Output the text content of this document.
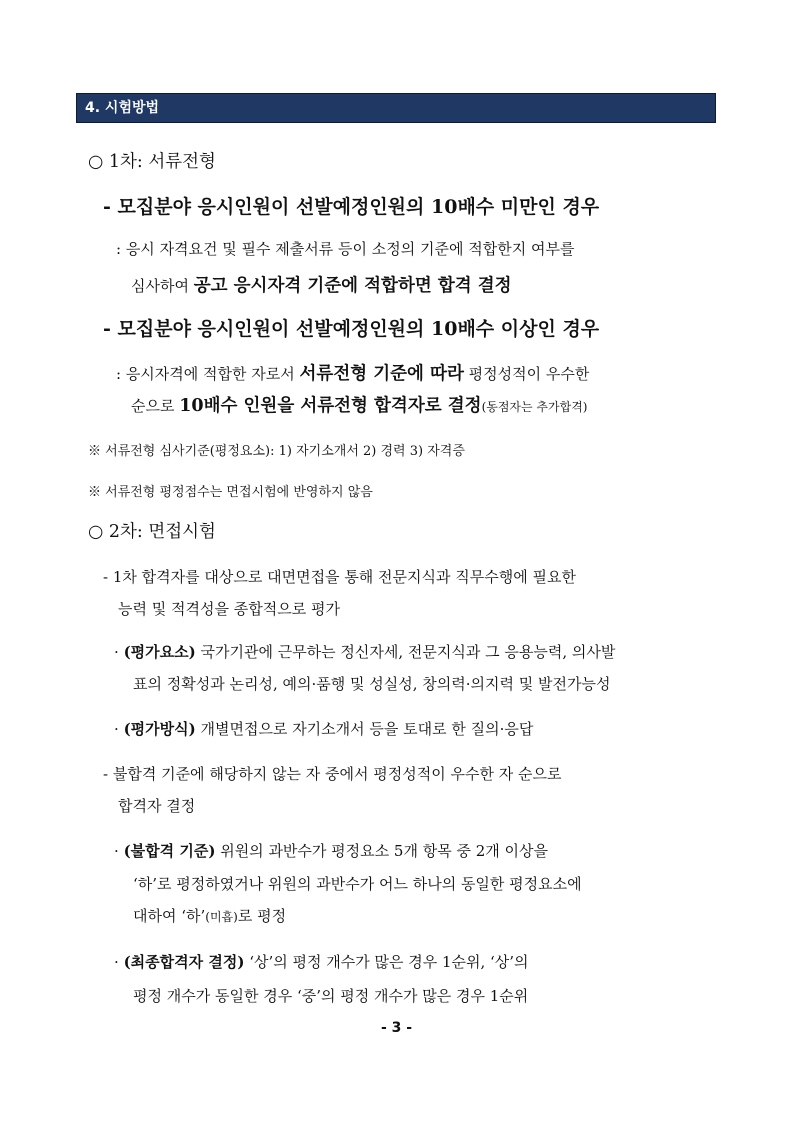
4. 시험방법
○ 1차: 서류전형
- 모집분야 응시인원이 선발예정인원의 10배수 미만인 경우
: 응시 자격요건 및 필수 제출서류 등이 소정의 기준에 적합한지 여부를
심사하여 공고 응시자격 기준에 적합하면 합격 결정
- 모집분야 응시인원이 선발예정인원의 10배수 이상인 경우
: 응시자격에 적합한 자로서 서류전형 기준에 따라 평정성적이 우수한
순으로 10배수 인원을 서류전형 합격자로 결정(동점자는 추가합격)
※ 서류전형 심사기준(평정요소): 1) 자기소개서 2) 경력 3) 자격증
※ 서류전형 평정점수는 면접시험에 반영하지 않음
○ 2차: 면접시험
- 1차 합격자를 대상으로 대면면접을 통해 전문지식과 직무수행에 필요한
능력 및 적격성을 종합적으로 평가
· (평가요소) 국가기관에 근무하는 정신자세, 전문지식과 그 응용능력, 의사발
표의 정확성과 논리성, 예의·품행 및 성실성, 창의력·의지력 및 발전가능성
· (평가방식) 개별면접으로 자기소개서 등을 토대로 한 질의·응답
- 불합격 기준에 해당하지 않는 자 중에서 평정성적이 우수한 자 순으로
합격자 결정
· (불합격 기준) 위원의 과반수가 평정요소 5개 항목 중 2개 이상을
‘하’로 평정하였거나 위원의 과반수가 어느 하나의 동일한 평정요소에
대하여 ‘하’(미흡)로 평정
· (최종합격자 결정) ‘상’의 평정 개수가 많은 경우 1순위, ‘상’의
평정 개수가 동일한 경우 ‘중’의 평정 개수가 많은 경우 1순위
- 3 -
